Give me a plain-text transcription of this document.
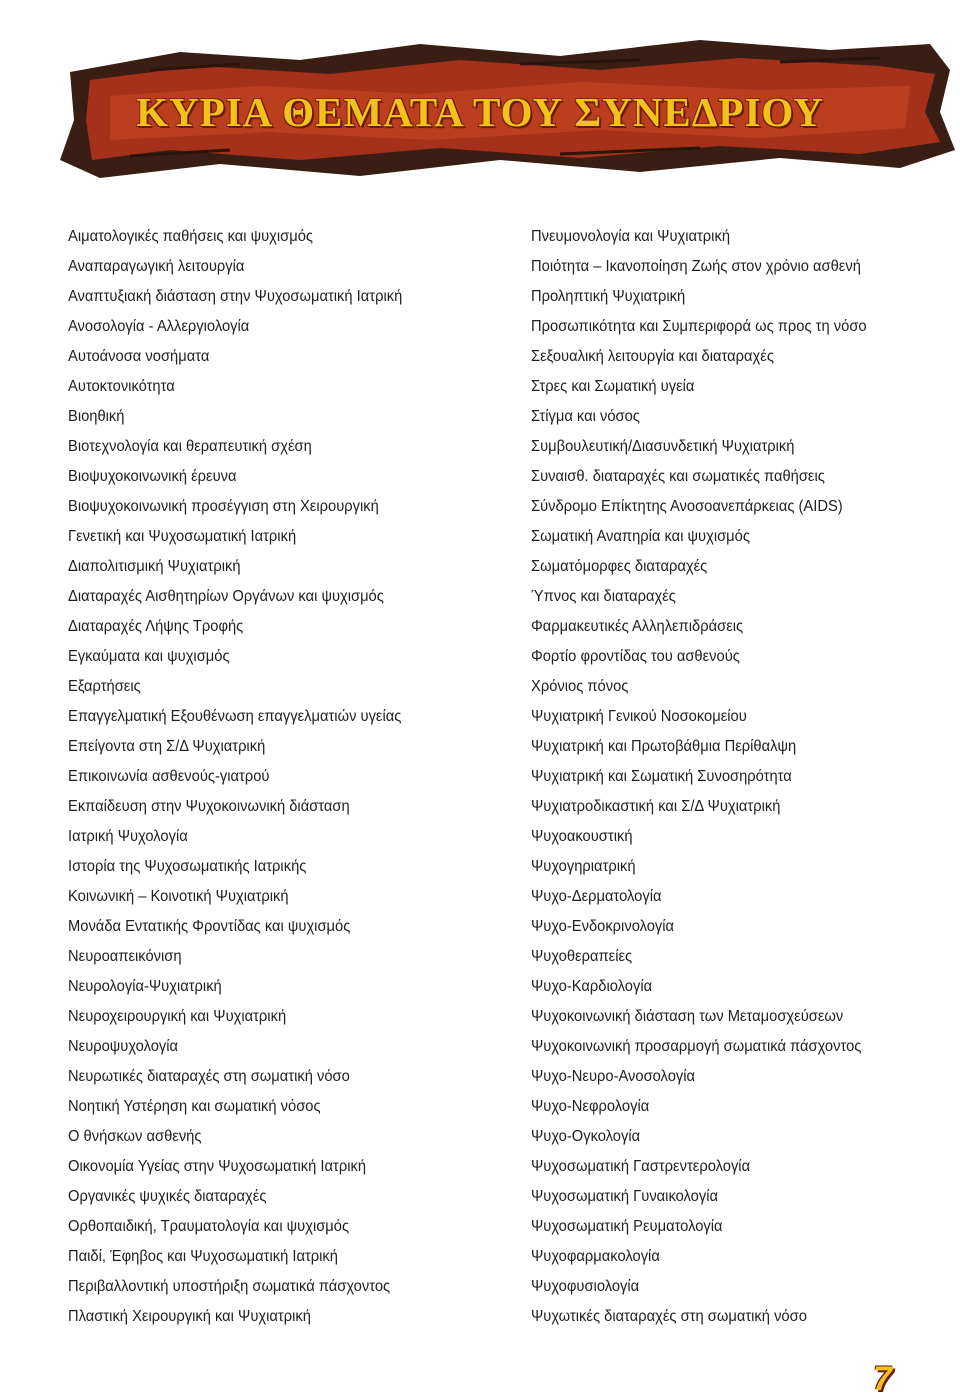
ΚΥΡΙΑ ΘΕΜΑΤΑ ΤΟΥ ΣΥΝΕΔΡΙΟΥ
Αιματολογικές παθήσεις και ψυχισμός
Αναπαραγωγική λειτουργία
Αναπτυξιακή διάσταση στην Ψυχοσωματική Ιατρική
Ανοσολογία - Αλλεργιολογία
Αυτοάνοσα νοσήματα
Αυτοκτονικότητα
Βιοηθική
Βιοτεχνολογία και θεραπευτική σχέση
Βιοψυχοκοινωνική έρευνα
Βιοψυχοκοινωνική προσέγγιση στη Χειρουργική
Γενετική και Ψυχοσωματική Ιατρική
Διαπολιτισμική Ψυχιατρική
Διαταραχές Αισθητηρίων Οργάνων και ψυχισμός
Διαταραχές Λήψης Τροφής
Εγκαύματα και ψυχισμός
Εξαρτήσεις
Επαγγελματική Εξουθένωση επαγγελματιών υγείας
Επείγοντα στη Σ/Δ Ψυχιατρική
Επικοινωνία ασθενούς-γιατρού
Εκπαίδευση στην Ψυχοκοινωνική διάσταση
Ιατρική Ψυχολογία
Ιστορία της Ψυχοσωματικής Ιατρικής
Κοινωνική – Κοινοτική Ψυχιατρική
Μονάδα Εντατικής Φροντίδας και ψυχισμός
Νευροαπεικόνιση
Νευρολογία-Ψυχιατρική
Νευροχειρουργική και Ψυχιατρική
Νευροψυχολογία
Νευρωτικές διαταραχές στη σωματική νόσο
Νοητική Υστέρηση και σωματική νόσος
Ο θνήσκων ασθενής
Οικονομία Υγείας στην Ψυχοσωματική Ιατρική
Οργανικές ψυχικές διαταραχές
Ορθοπαιδική, Τραυματολογία και ψυχισμός
Παιδί, Έφηβος και Ψυχοσωματική Ιατρική
Περιβαλλοντική υποστήριξη σωματικά πάσχοντος
Πλαστική Χειρουργική και Ψυχιατρική
Πνευμονολογία και Ψυχιατρική
Ποιότητα – Ικανοποίηση Ζωής στον χρόνιο ασθενή
Προληπτική Ψυχιατρική
Προσωπικότητα και Συμπεριφορά ως προς τη νόσο
Σεξουαλική λειτουργία και διαταραχές
Στρες και Σωματική υγεία
Στίγμα και νόσος
Συμβουλευτική/Διασυνδετική Ψυχιατρική
Συναισθ. διαταραχές και σωματικές παθήσεις
Σύνδρομο Επίκτητης Ανοσοανεπάρκειας (AIDS)
Σωματική Αναπηρία και ψυχισμός
Σωματόμορφες διαταραχές
Ύπνος και διαταραχές
Φαρμακευτικές Αλληλεπιδράσεις
Φορτίο φροντίδας του ασθενούς
Χρόνιος πόνος
Ψυχιατρική Γενικού Νοσοκομείου
Ψυχιατρική και Πρωτοβάθμια Περίθαλψη
Ψυχιατρική και Σωματική Συνοσηρότητα
Ψυχιατροδικαστική και Σ/Δ Ψυχιατρική
Ψυχοακουστική
Ψυχογηριατρική
Ψυχο-Δερματολογία
Ψυχο-Ενδοκρινολογία
Ψυχοθεραπείες
Ψυχο-Καρδιολογία
Ψυχοκοινωνική διάσταση των Μεταμοσχεύσεων
Ψυχοκοινωνική προσαρμογή σωματικά πάσχοντος
Ψυχο-Νευρο-Ανοσολογία
Ψυχο-Νεφρολογία
Ψυχο-Ογκολογία
Ψυχοσωματική Γαστρεντερολογία
Ψυχοσωματική Γυναικολογία
Ψυχοσωματική Ρευματολογία
Ψυχοφαρμακολογία
Ψυχοφυσιολογία
Ψυχωτικές διαταραχές στη σωματική νόσο
7
